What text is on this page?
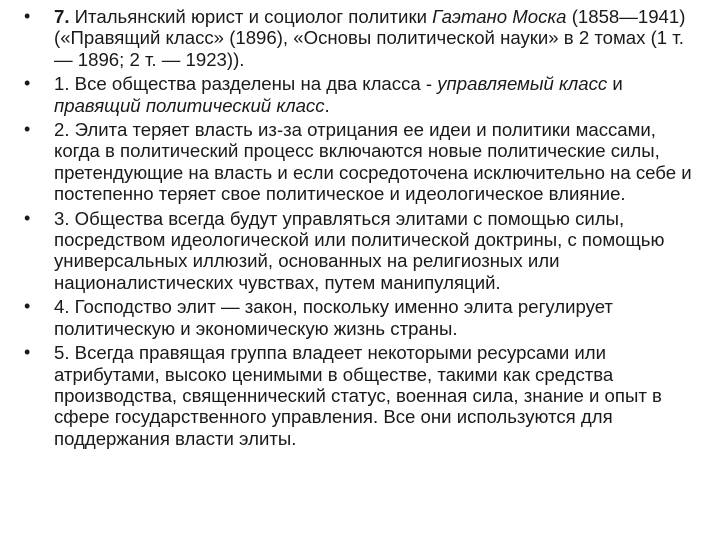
•	7. Итальянский юрист и социолог политики Гаэтано Моска (1858—1941) («Правящий класс» (1896), «Основы политической науки» в 2 томах (1 т. — 1896; 2 т. — 1923)).
•	1. Все общества разделены на два класса - управляемый класс и правящий политический класс.
•	2. Элита теряет власть из-за отрицания ее идеи и политики массами, когда в политический процесс включаются новые политические силы, претендующие на власть и если сосредоточена исключительно на себе и постепенно теряет свое политическое и идеологическое влияние.
•	3. Общества всегда будут управляться элитами с помощью силы, посредством идеологической или политической доктрины, с помощью универсальных иллюзий, основанных на религиозных или националистических чувствах, путем манипуляций.
•	4. Господство элит — закон, поскольку именно элита регулирует политическую и экономическую жизнь страны.
•	5. Всегда правящая группа владеет некоторыми ресурсами или атрибутами, высоко ценимыми в обществе, такими как средства производства, священнический статус, военная сила, знание и опыт в сфере государственного управления. Все они используются для поддержания власти элиты.
